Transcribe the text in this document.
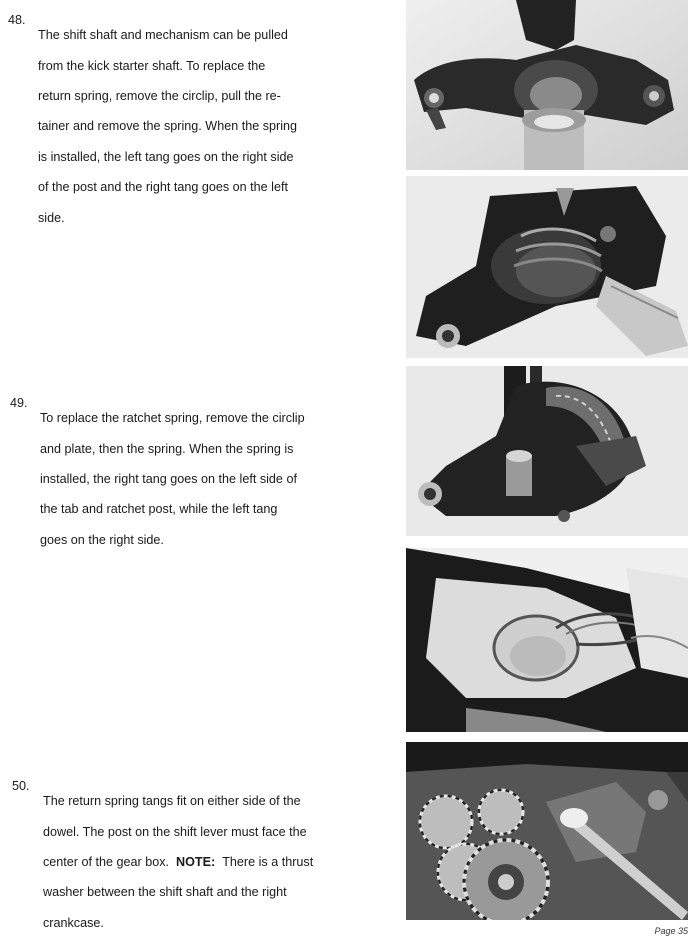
48.

The shift shaft and mechanism can be pulled

from the kick starter shaft. To replace the

return spring, remove the circlip, pull the re-

tainer and remove the spring. When the spring

is installed, the left tang goes on the right side

of the post and the right tang goes on the left

side.

49.

To replace the ratchet spring, remove the circlip

and plate, then the spring. When the spring is

installed, the right tang goes on the left side of

the tab and ratchet post, while the left tang

goes on the right side.

50.

The return spring tangs fit on either side of the

dowel. The post on the shift lever must face the

center of the gear box. NOTE: There is a thrust

washer between the shift shaft and the right

crankcase.

Page 35
